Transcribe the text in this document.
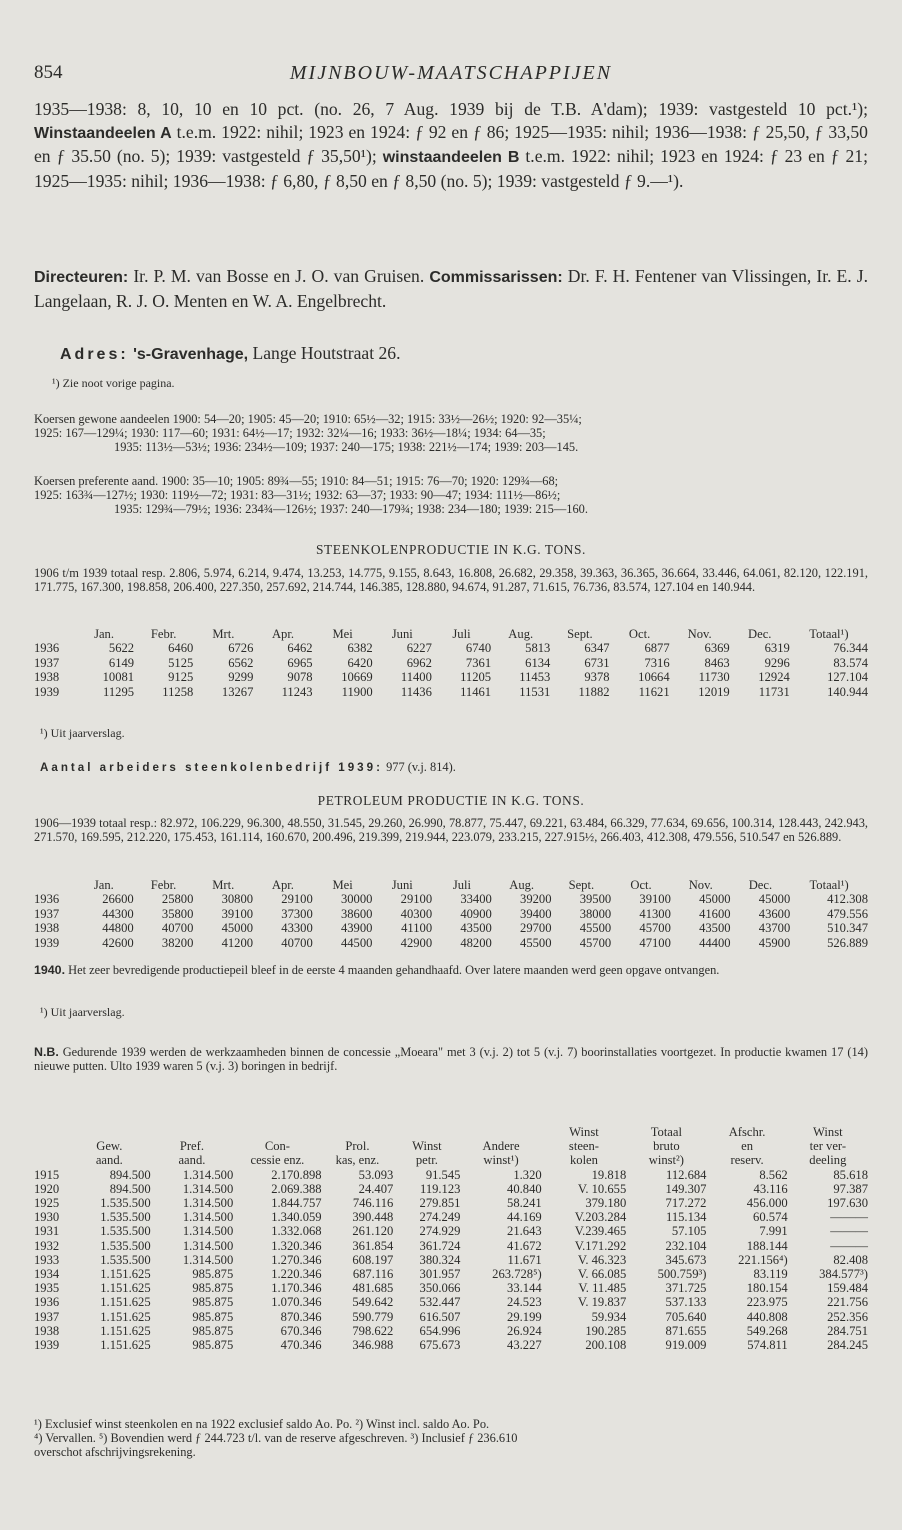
854	MIJNBOUW-MAATSCHAPPIJEN
1935—1938: 8, 10, 10 en 10 pct. (no. 26, 7 Aug. 1939 bij de T.B. A'dam); 1939: vastgesteld 10 pct.¹); Winstaandeelen A t.e.m. 1922: nihil; 1923 en 1924: ƒ 92 en ƒ 86; 1925—1935: nihil; 1936—1938: ƒ 25,50, ƒ 33,50 en ƒ 35.50 (no. 5); 1939: vastgesteld ƒ 35,50¹); winstaandeelen B t.e.m. 1922: nihil; 1923 en 1924: ƒ 23 en ƒ 21; 1925—1935: nihil; 1936—1938: ƒ 6,80, ƒ 8,50 en ƒ 8,50 (no. 5); 1939: vastgesteld ƒ 9.—¹).
Directeuren: Ir. P. M. van Bosse en J. O. van Gruisen. Commissarissen: Dr. F. H. Fentener van Vlissingen, Ir. E. J. Langelaan, R. J. O. Menten en W. A. Engelbrecht.
Adres: 's-Gravenhage, Lange Houtstraat 26.
¹) Zie noot vorige pagina.
Koersen gewone aandeelen 1900: 54—20; 1905: 45—20; 1910: 65½—32; 1915: 33½—26½; 1920: 92—35¼;
1925: 167—129¼; 1930: 117—60; 1931: 64½—17; 1932: 32¼—16; 1933: 36½—18¼; 1934: 64—35;
1935: 113½—53½; 1936: 234½—109; 1937: 240—175; 1938: 221½—174; 1939: 203—145.
Koersen preferente aand. 1900: 35—10; 1905: 89¾—55; 1910: 84—51; 1915: 76—70; 1920: 129¾—68;
1925: 163¾—127½; 1930: 119½—72; 1931: 83—31½; 1932: 63—37; 1933: 90—47; 1934: 111½—86½;
1935: 129¾—79½; 1936: 234¾—126½; 1937: 240—179¾; 1938: 234—180; 1939: 215—160.
STEENKOLENPRODUCTIE IN K.G. TONS.
1906 t/m 1939 totaal resp. 2.806, 5.974, 6.214, 9.474, 13.253, 14.775, 9.155, 8.643, 16.808, 26.682, 29.358, 39.363, 36.365, 36.664, 33.446, 64.061, 82.120, 122.191, 171.775, 167.300, 198.858, 206.400, 227.350, 257.692, 214.744, 146.385, 128.880, 94.674, 91.287, 71.615, 76.736, 83.574, 127.104 en 140.944.
	Jan.	Febr.	Mrt.	Apr.	Mei	Juni	Juli	Aug.	Sept.	Oct.	Nov.	Dec.	Totaal¹)
1936	5622	6460	6726	6462	6382	6227	6740	5813	6347	6877	6369	6319	76.344
1937	6149	5125	6562	6965	6420	6962	7361	6134	6731	7316	8463	9296	83.574
1938	10081	9125	9299	9078	10669	11400	11205	11453	9378	10664	11730	12924	127.104
1939	11295	11258	13267	11243	11900	11436	11461	11531	11882	11621	12019	11731	140.944
¹) Uit jaarverslag.
Aantal arbeiders steenkolenbedrijf 1939: 977 (v.j. 814).
PETROLEUM PRODUCTIE IN K.G. TONS.
1906—1939 totaal resp.: 82.972, 106.229, 96.300, 48.550, 31.545, 29.260, 26.990, 78.877, 75.447, 69.221, 63.484, 66.329, 77.634, 69.656, 100.314, 128.443, 242.943, 271.570, 169.595, 212.220, 175.453, 161.114, 160.670, 200.496, 219.399, 219.944, 223.079, 233.215, 227.915½, 266.403, 412.308, 479.556, 510.547 en 526.889.
	Jan.	Febr.	Mrt.	Apr.	Mei	Juni	Juli	Aug.	Sept.	Oct.	Nov.	Dec.	Totaal¹)
1936	26600	25800	30800	29100	30000	29100	33400	39200	39500	39100	45000	45000	412.308
1937	44300	35800	39100	37300	38600	40300	40900	39400	38000	41300	41600	43600	479.556
1938	44800	40700	45000	43300	43900	41100	43500	29700	45500	45700	43500	43700	510.347
1939	42600	38200	41200	40700	44500	42900	48200	45500	45700	47100	44400	45900	526.889
1940. Het zeer bevredigende productiepeil bleef in de eerste 4 maanden gehandhaafd. Over latere maanden werd geen opgave ontvangen.
¹) Uit jaarverslag.
N.B. Gedurende 1939 werden de werkzaamheden binnen de concessie „Moeara" met 3 (v.j. 2) tot 5 (v.j. 7) boorinstallaties voortgezet. In productie kwamen 17 (14) nieuwe putten. Ulto 1939 waren 5 (v.j. 3) boringen in bedrijf.
							Winst	Totaal	Afschr.	Winst
	Gew.	Pref.	Con-	Prol.	Winst	Andere	steen-	bruto	en	ter ver-
	aand.	aand.	cessie enz.	kas, enz.	petr.	winst¹)	kolen	winst²)	reserv.	deeling
1915	894.500	1.314.500	2.170.898	53.093	91.545	1.320	19.818	112.684	8.562	85.618
1920	894.500	1.314.500	2.069.388	24.407	119.123	40.840	V. 10.655	149.307	43.116	97.387
1925	1.535.500	1.314.500	1.844.757	746.116	279.851	58.241	379.180	717.272	456.000	197.630
1930	1.535.500	1.314.500	1.340.059	390.448	274.249	44.169	V.203.284	115.134	60.574	———
1931	1.535.500	1.314.500	1.332.068	261.120	274.929	21.643	V.239.465	57.105	7.991	———
1932	1.535.500	1.314.500	1.320.346	361.854	361.724	41.672	V.171.292	232.104	188.144	———
1933	1.535.500	1.314.500	1.270.346	608.197	380.324	11.671	V. 46.323	345.673	221.156⁴)	82.408
1934	1.151.625	985.875	1.220.346	687.116	301.957	263.728⁵)	V. 66.085	500.759³)	83.119	384.577³)
1935	1.151.625	985.875	1.170.346	481.685	350.066	33.144	V. 11.485	371.725	180.154	159.484
1936	1.151.625	985.875	1.070.346	549.642	532.447	24.523	V. 19.837	537.133	223.975	221.756
1937	1.151.625	985.875	870.346	590.779	616.507	29.199	59.934	705.640	440.808	252.356
1938	1.151.625	985.875	670.346	798.622	654.996	26.924	190.285	871.655	549.268	284.751
1939	1.151.625	985.875	470.346	346.988	675.673	43.227	200.108	919.009	574.811	284.245
¹) Exclusief winst steenkolen en na 1922 exclusief saldo Ao. Po. ²) Winst incl. saldo Ao. Po.
⁴) Vervallen. ⁵) Bovendien werd ƒ 244.723 t/l. van de reserve afgeschreven. ³) Inclusief ƒ 236.610
overschot afschrijvingsrekening.
